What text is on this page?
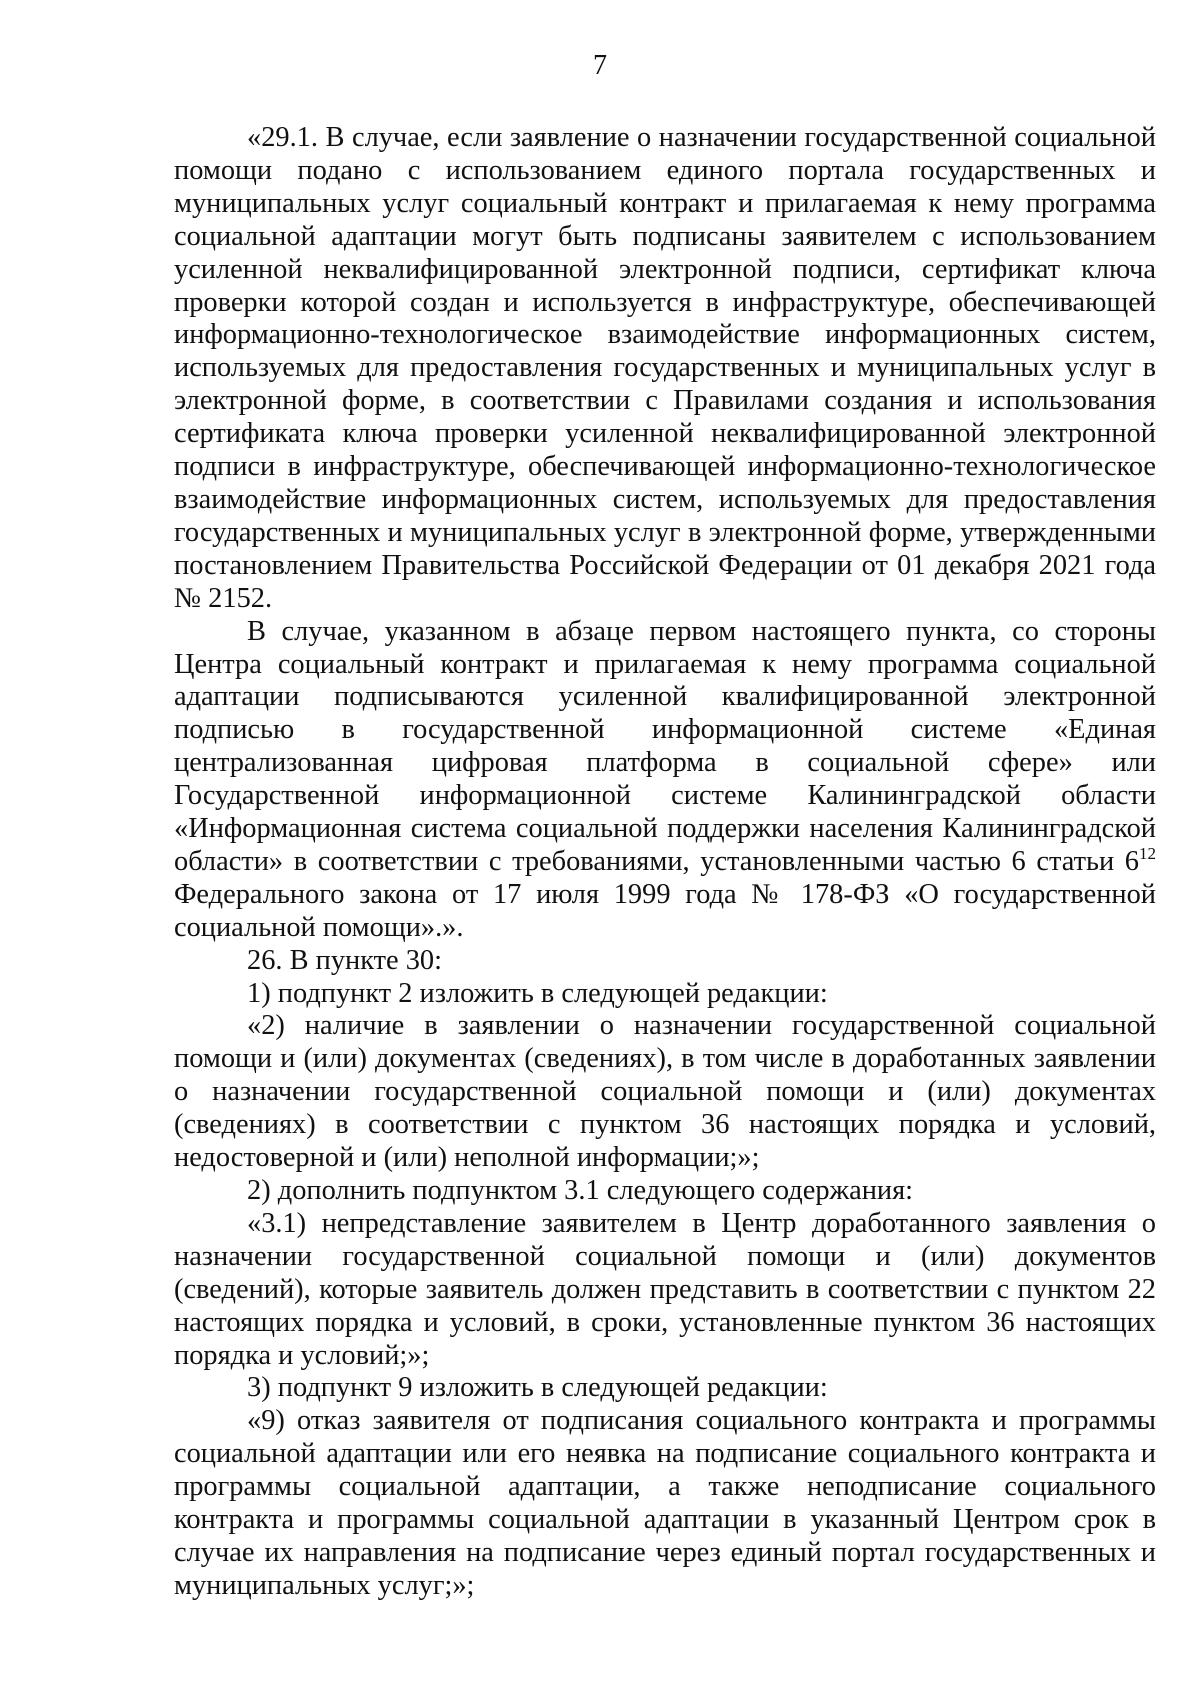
7

«29.1. В случае, если заявление о назначении государственной социальной помощи подано с использованием единого портала государственных и муниципальных услуг социальный контракт и прилагаемая к нему программа социальной адаптации могут быть подписаны заявителем с использованием усиленной неквалифицированной электронной подписи, сертификат ключа проверки которой создан и используется в инфраструктуре, обеспечивающей информационно-технологическое взаимодействие информационных систем, используемых для предоставления государственных и муниципальных услуг в электронной форме, в соответствии с Правилами создания и использования сертификата ключа проверки усиленной неквалифицированной электронной подписи в инфраструктуре, обеспечивающей информационно-технологическое взаимодействие информационных систем, используемых для предоставления государственных и муниципальных услуг в электронной форме, утвержденными постановлением Правительства Российской Федерации от 01 декабря 2021 года № 2152.

В случае, указанном в абзаце первом настоящего пункта, со стороны Центра социальный контракт и прилагаемая к нему программа социальной адаптации подписываются усиленной квалифицированной электронной подписью в государственной информационной системе «Единая централизованная цифровая платформа в социальной сфере» или Государственной информационной системе Калининградской области «Информационная система социальной поддержки населения Калининградской области» в соответствии с требованиями, установленными частью 6 статьи $6^{12}$ Федерального закона от 17 июля 1999 года № 178-ФЗ «О государственной социальной помощи».».

26. В пункте 30:

1) подпункт 2 изложить в следующей редакции:

«2) наличие в заявлении о назначении государственной социальной помощи и (или) документах (сведениях), в том числе в доработанных заявлении о назначении государственной социальной помощи и (или) документах (сведениях) в соответствии с пунктом 36 настоящих порядка и условий, недостоверной и (или) неполной информации;»;

2) дополнить подпунктом 3.1 следующего содержания:

«3.1) непредставление заявителем в Центр доработанного заявления о назначении государственной социальной помощи и (или) документов (сведений), которые заявитель должен представить в соответствии с пунктом 22 настоящих порядка и условий, в сроки, установленные пунктом 36 настоящих порядка и условий;»;

3) подпункт 9 изложить в следующей редакции:

«9) отказ заявителя от подписания социального контракта и программы социальной адаптации или его неявка на подписание социального контракта и программы социальной адаптации, а также неподписание социального контракта и программы социальной адаптации в указанный Центром срок в случае их направления на подписание через единый портал государственных и муниципальных услуг;»;
